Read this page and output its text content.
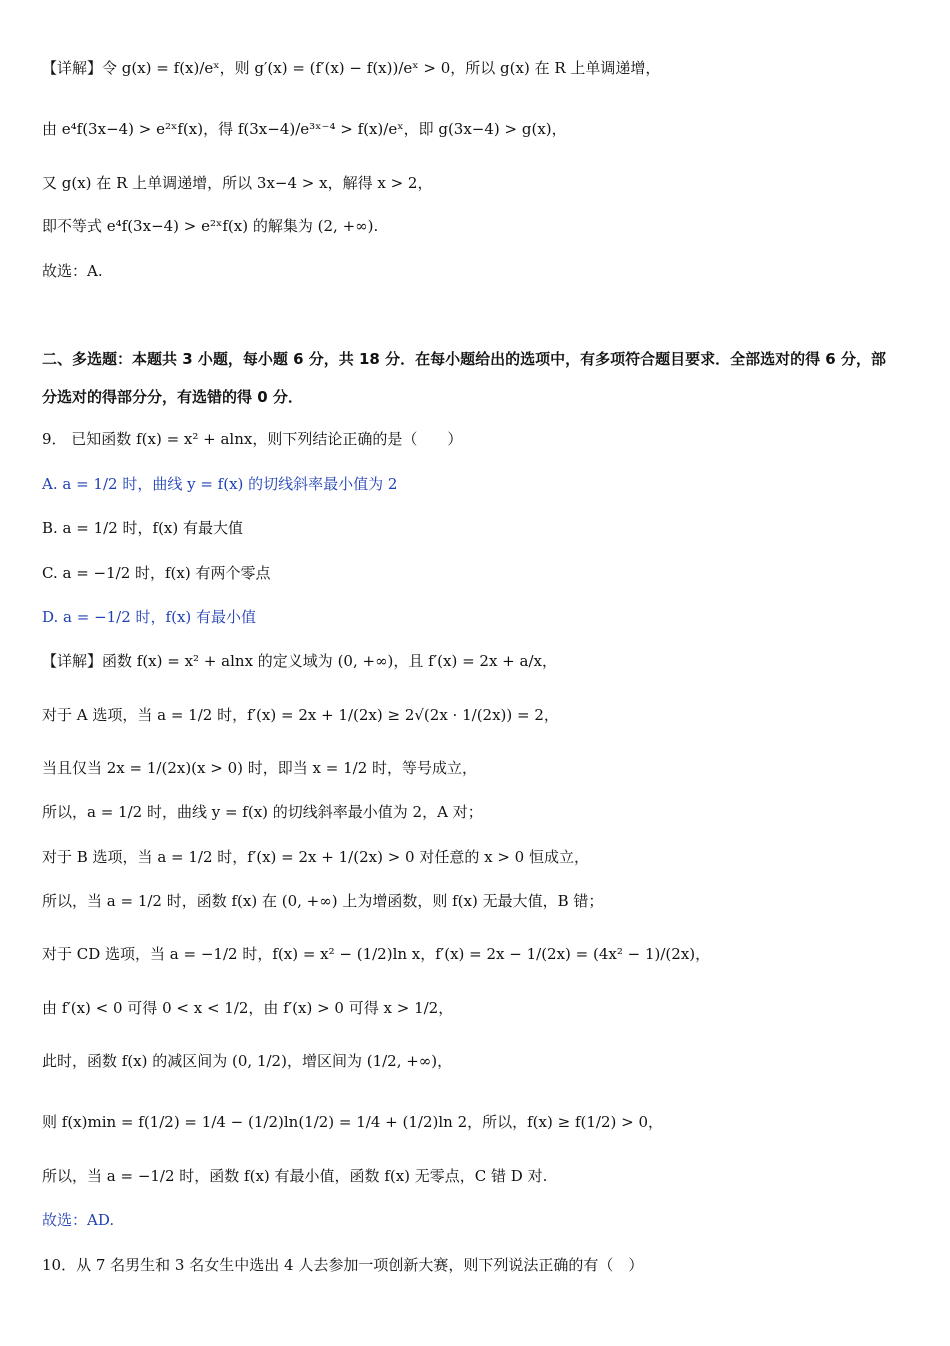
【详解】令 g(x) = f(x)/eˣ，则 g′(x) = (f′(x) − f(x))/eˣ > 0，所以 g(x) 在 R 上单调递增，
由 e⁴f(3x−4) > e²ˣf(x)，得 f(3x−4)/e³ˣ⁻⁴ > f(x)/eˣ，即 g(3x−4) > g(x)，
又 g(x) 在 R 上单调递增，所以 3x−4 > x，解得 x > 2，
即不等式 e⁴f(3x−4) > e²ˣf(x) 的解集为 (2, +∞).
故选：A.
二、多选题：本题共 3 小题，每小题 6 分，共 18 分．在每小题给出的选项中，有多项符合题目要求．全部选对的得 6 分，部
分选对的得部分分，有选错的得 0 分．
9． 已知函数 f(x) = x² + alnx，则下列结论正确的是（　　）
A. a = 1/2 时，曲线 y = f(x) 的切线斜率最小值为 2
B. a = 1/2 时，f(x) 有最大值
C. a = −1/2 时，f(x) 有两个零点
D. a = −1/2 时，f(x) 有最小值
【详解】函数 f(x) = x² + alnx 的定义域为 (0, +∞)，且 f′(x) = 2x + a/x，
对于 A 选项，当 a = 1/2 时，f′(x) = 2x + 1/(2x) ≥ 2√(2x · 1/(2x)) = 2，
当且仅当 2x = 1/(2x)(x > 0) 时，即当 x = 1/2 时，等号成立，
所以，a = 1/2 时，曲线 y = f(x) 的切线斜率最小值为 2，A 对；
对于 B 选项，当 a = 1/2 时，f′(x) = 2x + 1/(2x) > 0 对任意的 x > 0 恒成立，
所以，当 a = 1/2 时，函数 f(x) 在 (0, +∞) 上为增函数，则 f(x) 无最大值，B 错；
对于 CD 选项，当 a = −1/2 时，f(x) = x² − (1/2)ln x，f′(x) = 2x − 1/(2x) = (4x² − 1)/(2x)，
由 f′(x) < 0 可得 0 < x < 1/2，由 f′(x) > 0 可得 x > 1/2，
此时，函数 f(x) 的减区间为 (0, 1/2)，增区间为 (1/2, +∞)，
则 f(x)min = f(1/2) = 1/4 − (1/2)ln(1/2) = 1/4 + (1/2)ln 2，所以，f(x) ≥ f(1/2) > 0，
所以，当 a = −1/2 时，函数 f(x) 有最小值，函数 f(x) 无零点，C 错 D 对.
故选：AD.
10．从 7 名男生和 3 名女生中选出 4 人去参加一项创新大赛，则下列说法正确的有（　）
